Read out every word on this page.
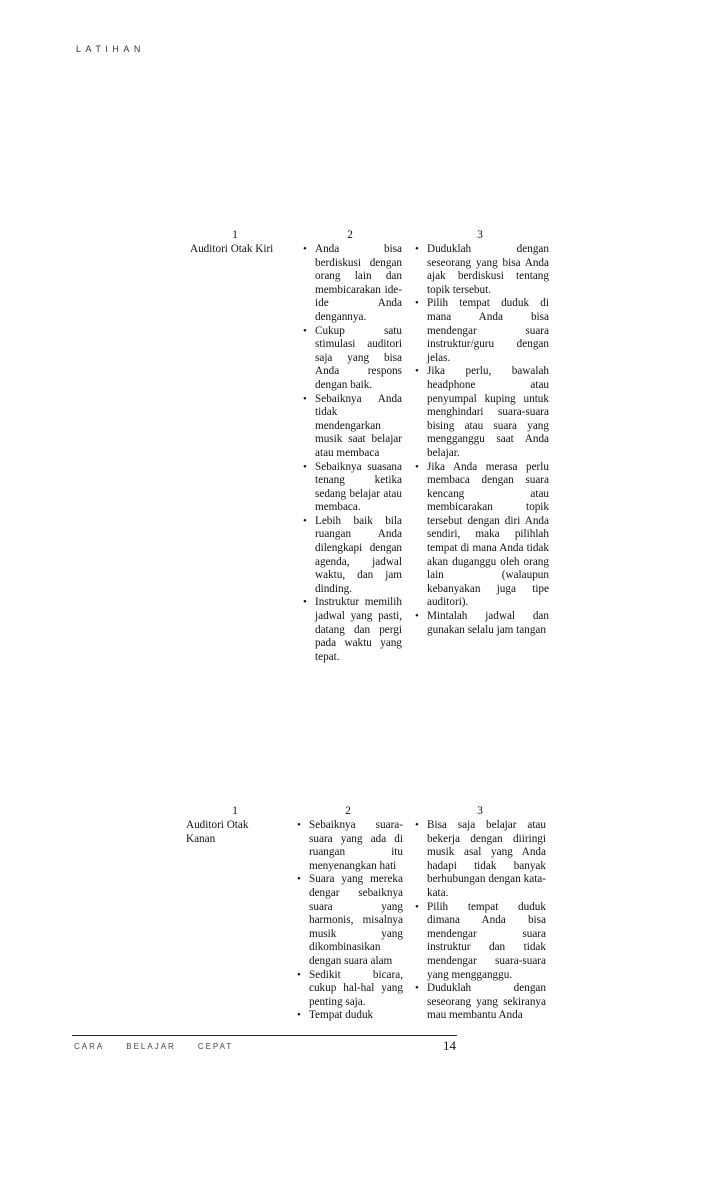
LATIHAN
1	2	3
Auditori Otak Kiri
•	Anda bisa berdiskusi dengan orang lain dan membicarakan ide-ide Anda dengannya.
• Cukup satu stimulasi auditori saja yang bisa Anda respons dengan baik.
• Sebaiknya Anda tidak mendengarkan musik saat belajar atau membaca
• Sebaiknya suasana tenang ketika sedang belajar atau membaca.
• Lebih baik bila ruangan Anda dilengkapi dengan agenda, jadwal waktu, dan jam dinding.
• Instruktur memilih jadwal yang pasti, datang dan pergi pada waktu yang tepat.
• Duduklah dengan seseorang yang bisa Anda ajak berdiskusi tentang topik tersebut.
• Pilih tempat duduk di mana Anda bisa mendengar suara instruktur/guru dengan jelas.
• Jika perlu, bawalah headphone atau penyumpal kuping untuk menghindari suara-suara bising atau suara yang mengganggu saat Anda belajar.
• Jika Anda merasa perlu membaca dengan suara kencang atau membicarakan topik tersebut dengan diri Anda sendiri, maka pilihlah tempat di mana Anda tidak akan duganggu oleh orang lain (walaupun kebanyakan juga tipe auditori).
• Mintalah jadwal dan gunakan selalu jam tangan
1	2	3
Auditori Otak Kanan
• Sebaiknya suara-suara yang ada di ruangan itu menyenangkan hati
• Suara yang mereka dengar sebaiknya suara yang harmonis, misalnya musik yang dikombinasikan dengan suara alam
• Sedikit bicara, cukup hal-hal yang penting saja.
• Tempat duduk
• Bisa saja belajar atau bekerja dengan diiringi musik asal yang Anda hadapi tidak banyak berhubungan dengan kata-kata.
• Pilih tempat duduk dimana Anda bisa mendengar suara instruktur dan tidak mendengar suara-suara yang mengganggu.
• Duduklah dengan seseorang yang sekiranya mau membantu Anda
CARA	BELAJAR	CEPAT	14
